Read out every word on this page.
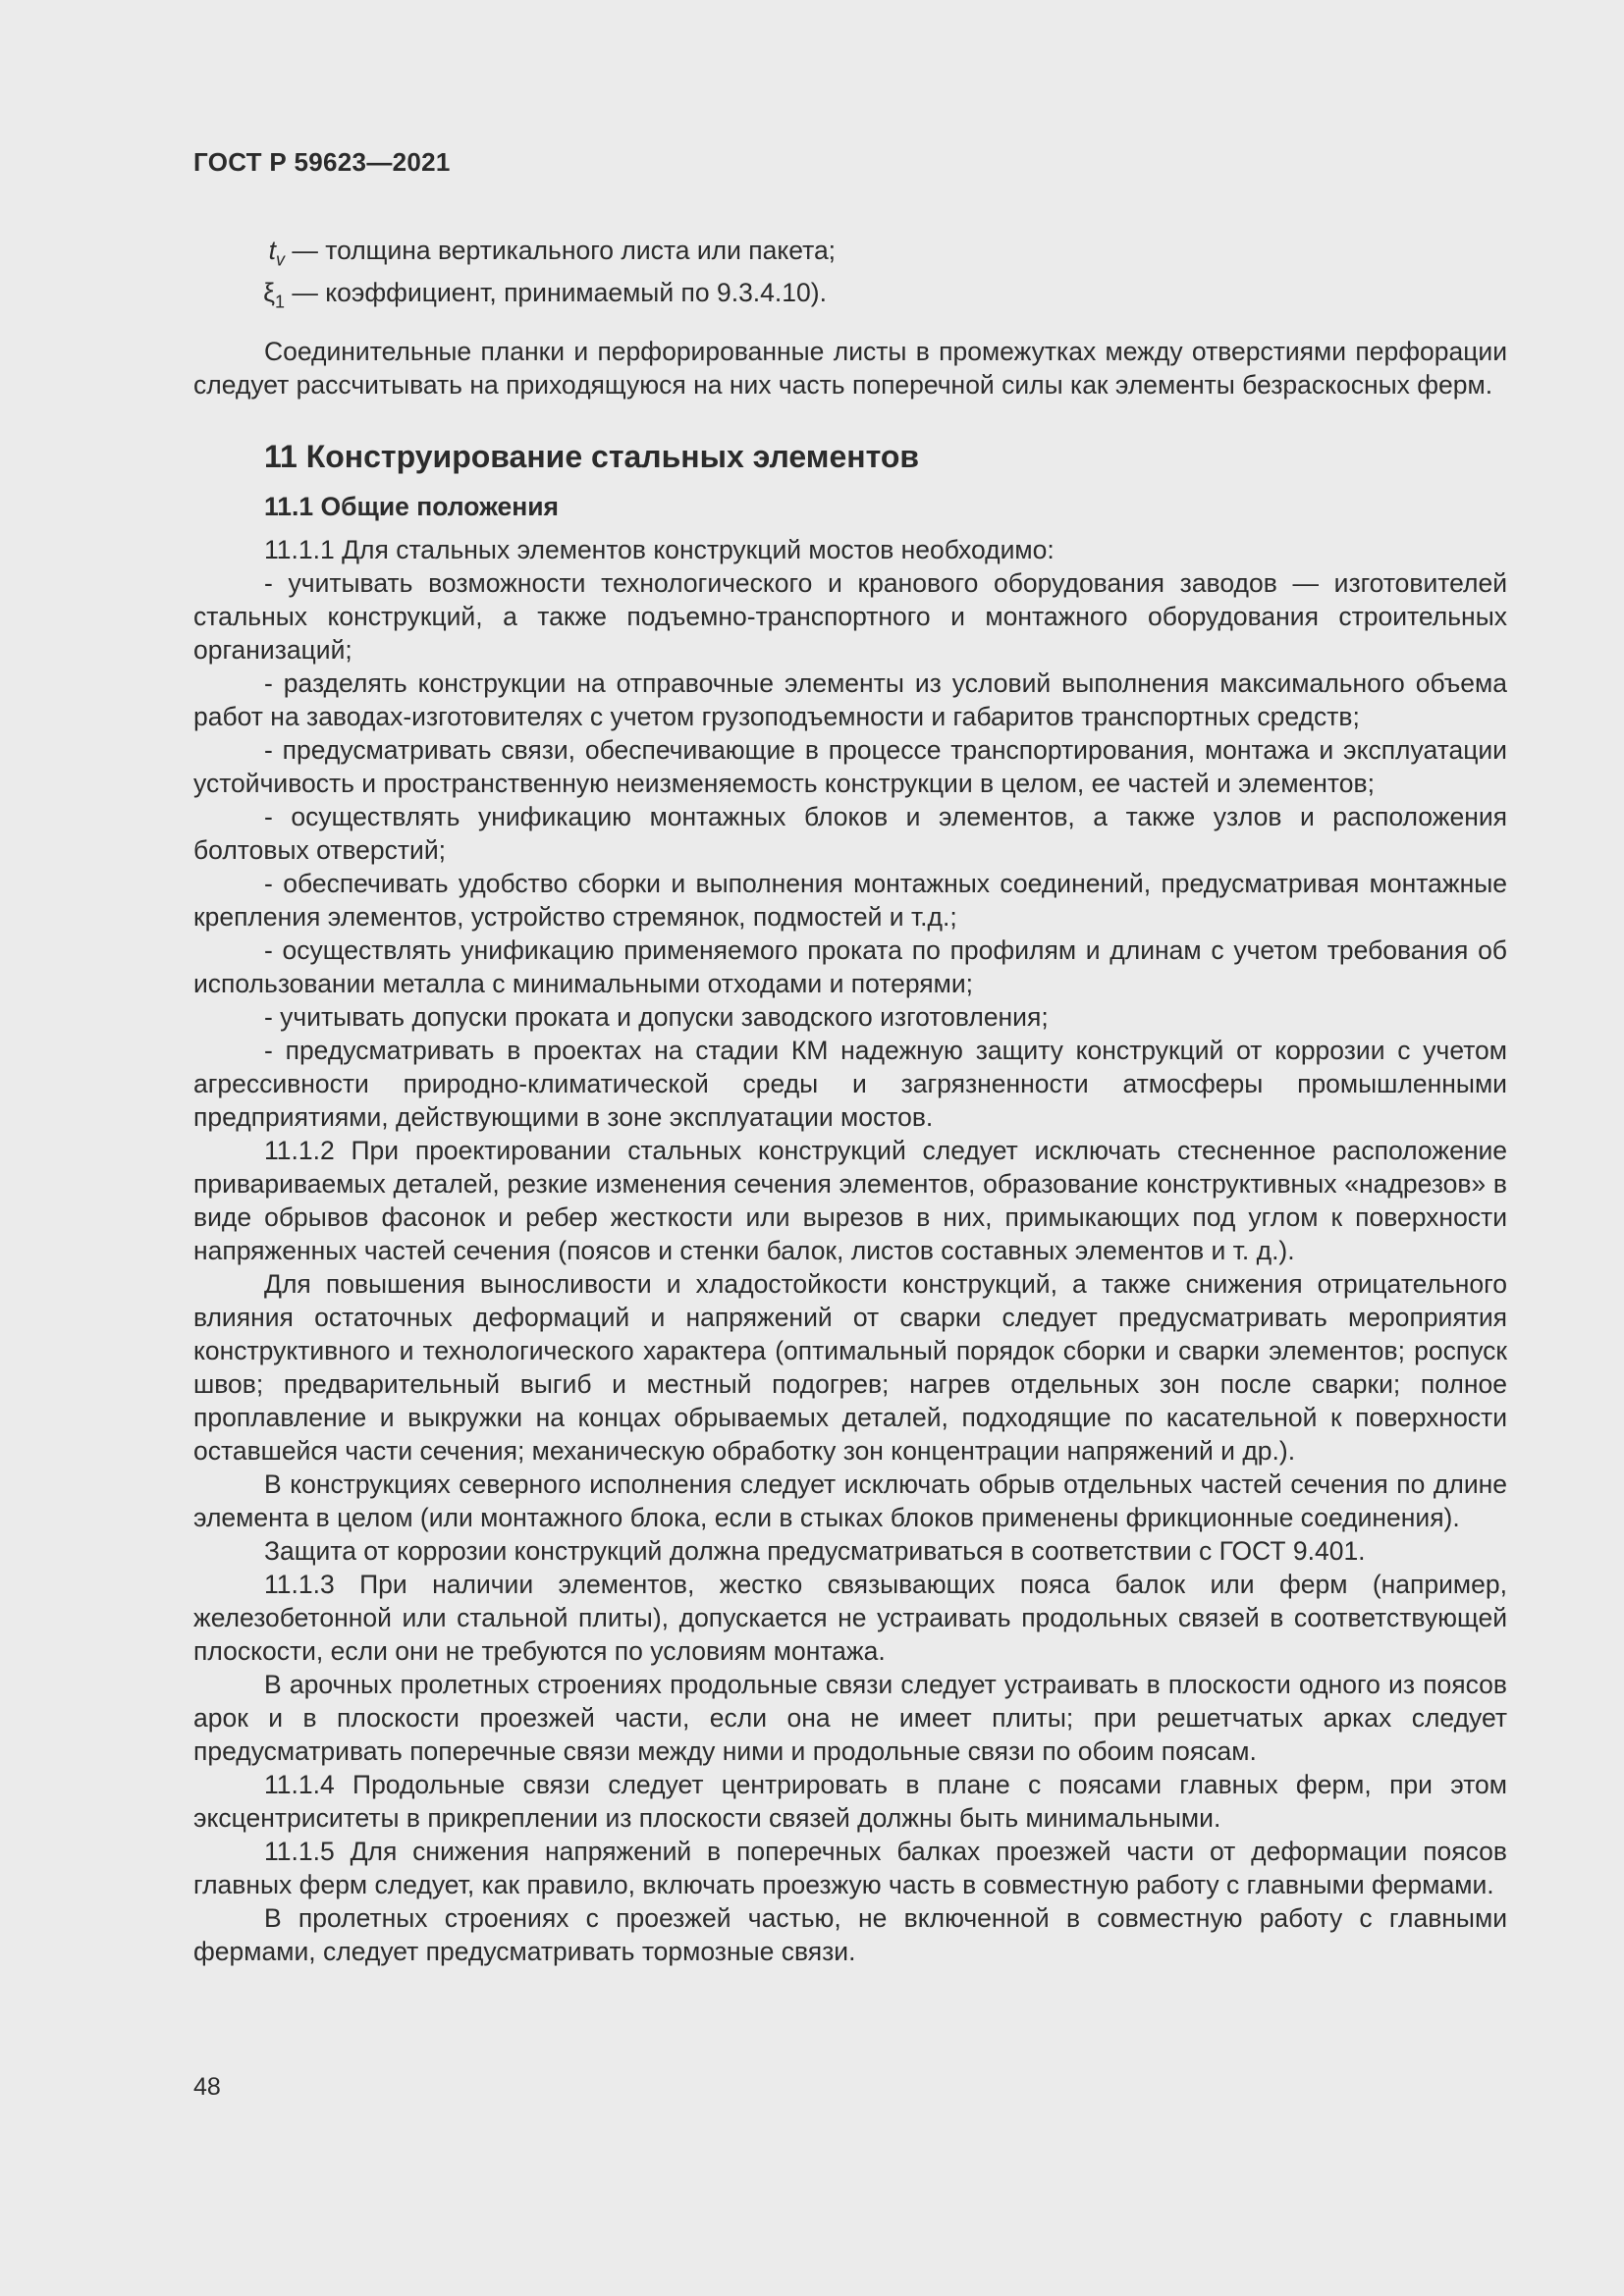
ГОСТ Р 59623—2021
$t_v$ — толщина вертикального листа или пакета;
$\xi_1$ — коэффициент, принимаемый по 9.3.4.10).

Соединительные планки и перфорированные листы в промежутках между отверстиями перфорации следует рассчитывать на приходящуюся на них часть поперечной силы как элементы безраскосных ферм.

11 Конструирование стальных элементов
11.1 Общие положения

11.1.1 Для стальных элементов конструкций мостов необходимо:

- учитывать возможности технологического и кранового оборудования заводов — изготовителей стальных конструкций, а также подъемно-транспортного и монтажного оборудования строительных организаций;

- разделять конструкции на отправочные элементы из условий выполнения максимального объема работ на заводах-изготовителях с учетом грузоподъемности и габаритов транспортных средств;

- предусматривать связи, обеспечивающие в процессе транспортирования, монтажа и эксплуатации устойчивость и пространственную неизменяемость конструкции в целом, ее частей и элементов;

- осуществлять унификацию монтажных блоков и элементов, а также узлов и расположения болтовых отверстий;

- обеспечивать удобство сборки и выполнения монтажных соединений, предусматривая монтажные крепления элементов, устройство стремянок, подмостей и т.д.;

- осуществлять унификацию применяемого проката по профилям и длинам с учетом требования об использовании металла с минимальными отходами и потерями;

- учитывать допуски проката и допуски заводского изготовления;

- предусматривать в проектах на стадии КМ надежную защиту конструкций от коррозии с учетом агрессивности природно-климатической среды и загрязненности атмосферы промышленными предприятиями, действующими в зоне эксплуатации мостов.

11.1.2 При проектировании стальных конструкций следует исключать стесненное расположение привариваемых деталей, резкие изменения сечения элементов, образование конструктивных «надрезов» в виде обрывов фасонок и ребер жесткости или вырезов в них, примыкающих под углом к поверхности напряженных частей сечения (поясов и стенки балок, листов составных элементов и т. д.).

Для повышения выносливости и хладостойкости конструкций, а также снижения отрицательного влияния остаточных деформаций и напряжений от сварки следует предусматривать мероприятия конструктивного и технологического характера (оптимальный порядок сборки и сварки элементов; роспуск швов; предварительный выгиб и местный подогрев; нагрев отдельных зон после сварки; полное проплавление и выкружки на концах обрываемых деталей, подходящие по касательной к поверхности оставшейся части сечения; механическую обработку зон концентрации напряжений и др.).

В конструкциях северного исполнения следует исключать обрыв отдельных частей сечения по длине элемента в целом (или монтажного блока, если в стыках блоков применены фрикционные соединения).

Защита от коррозии конструкций должна предусматриваться в соответствии с ГОСТ 9.401.

11.1.3 При наличии элементов, жестко связывающих пояса балок или ферм (например, железобетонной или стальной плиты), допускается не устраивать продольных связей в соответствующей плоскости, если они не требуются по условиям монтажа.

В арочных пролетных строениях продольные связи следует устраивать в плоскости одного из поясов арок и в плоскости проезжей части, если она не имеет плиты; при решетчатых арках следует предусматривать поперечные связи между ними и продольные связи по обоим поясам.

11.1.4 Продольные связи следует центрировать в плане с поясами главных ферм, при этом эксцентриситеты в прикреплении из плоскости связей должны быть минимальными.

11.1.5 Для снижения напряжений в поперечных балках проезжей части от деформации поясов главных ферм следует, как правило, включать проезжую часть в совместную работу с главными фермами.

В пролетных строениях с проезжей частью, не включенной в совместную работу с главными фермами, следует предусматривать тормозные связи.

48
